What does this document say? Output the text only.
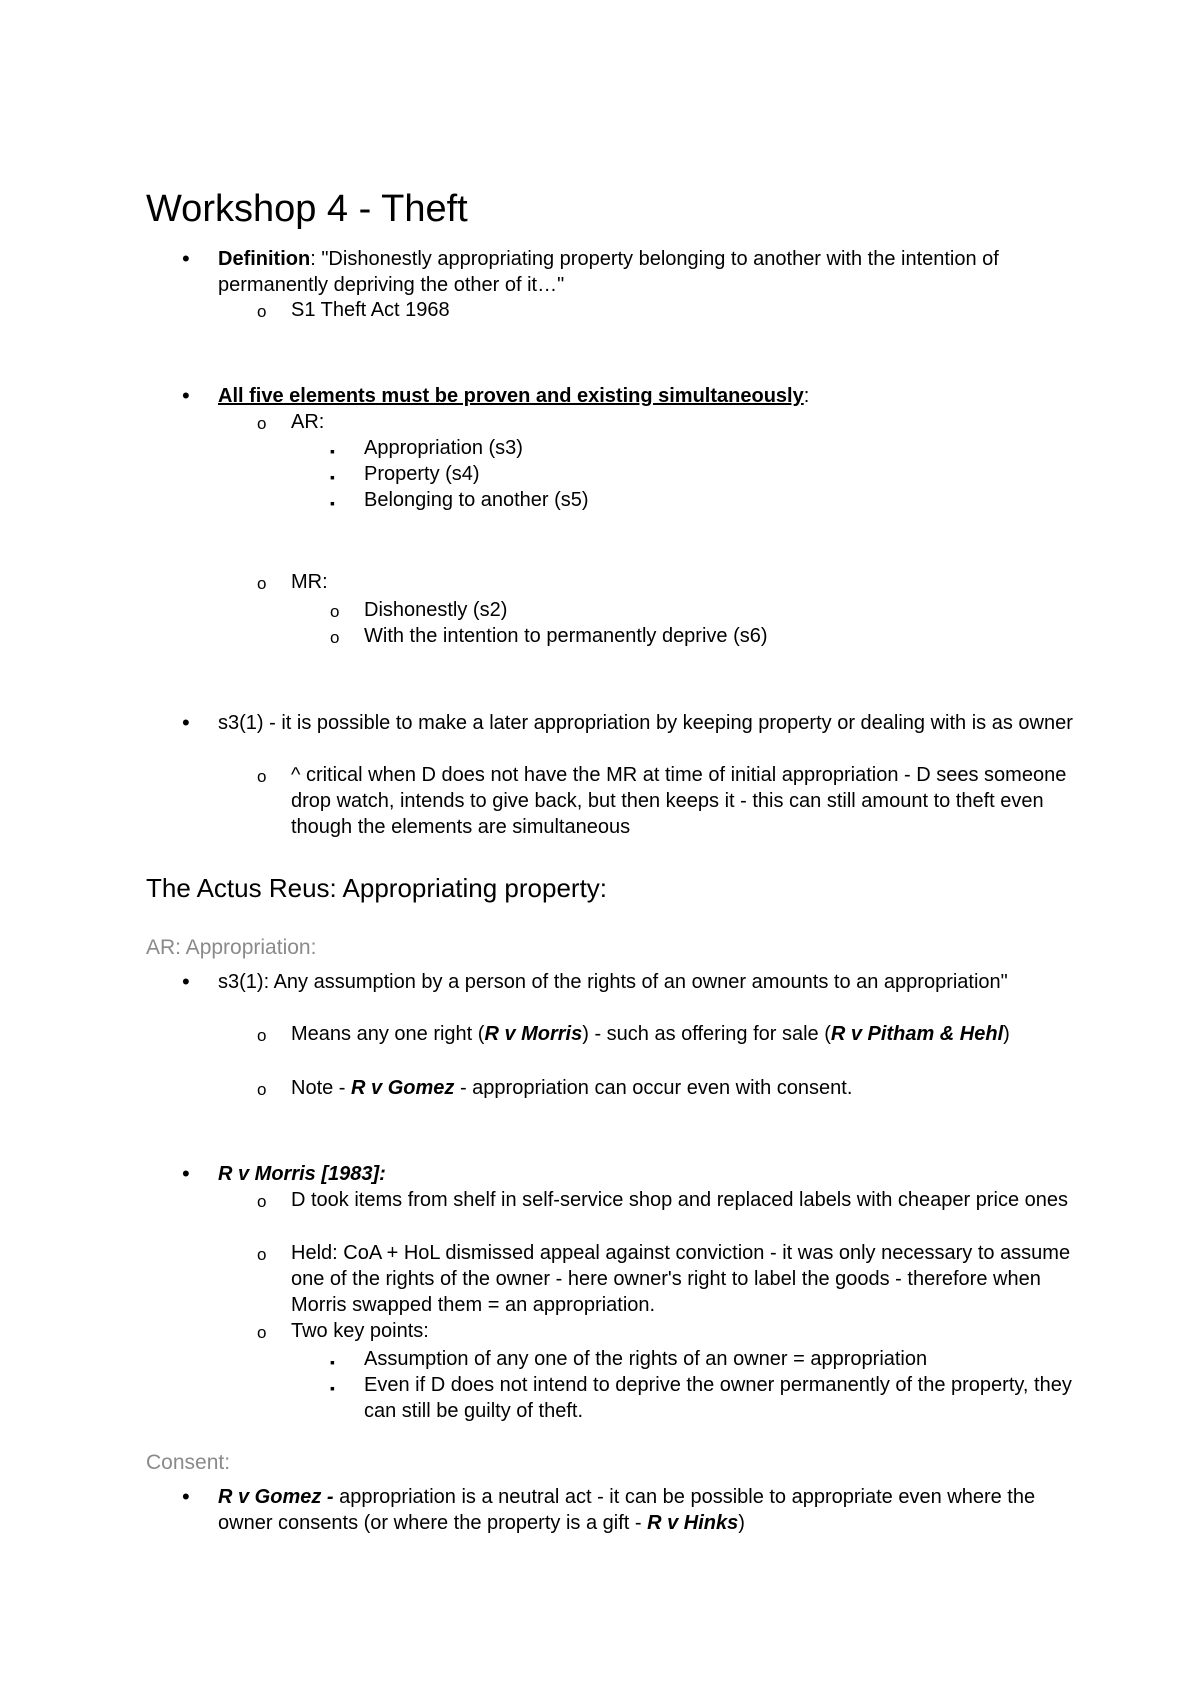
Workshop 4 - Theft
• Definition: "Dishonestly appropriating property belonging to another with the intention of permanently depriving the other of it…"
o S1 Theft Act 1968
• All five elements must be proven and existing simultaneously:
o AR:
▪ Appropriation (s3)
▪ Property (s4)
▪ Belonging to another (s5)
o MR:
o Dishonestly (s2)
o With the intention to permanently deprive (s6)
• s3(1) - it is possible to make a later appropriation by keeping property or dealing with is as owner
o ^ critical when D does not have the MR at time of initial appropriation - D sees someone drop watch, intends to give back, but then keeps it - this can still amount to theft even though the elements are simultaneous
The Actus Reus: Appropriating property:
AR: Appropriation:
• s3(1): Any assumption by a person of the rights of an owner amounts to an appropriation"
o Means any one right (R v Morris) - such as offering for sale (R v Pitham & Hehl)
o Note - R v Gomez - appropriation can occur even with consent.
• R v Morris [1983]:
o D took items from shelf in self-service shop and replaced labels with cheaper price ones
o Held: CoA + HoL dismissed appeal against conviction - it was only necessary to assume one of the rights of the owner - here owner's right to label the goods - therefore when Morris swapped them = an appropriation.
o Two key points:
▪ Assumption of any one of the rights of an owner = appropriation
▪ Even if D does not intend to deprive the owner permanently of the property, they can still be guilty of theft.
Consent:
• R v Gomez - appropriation is a neutral act - it can be possible to appropriate even where the owner consents (or where the property is a gift - R v Hinks)
